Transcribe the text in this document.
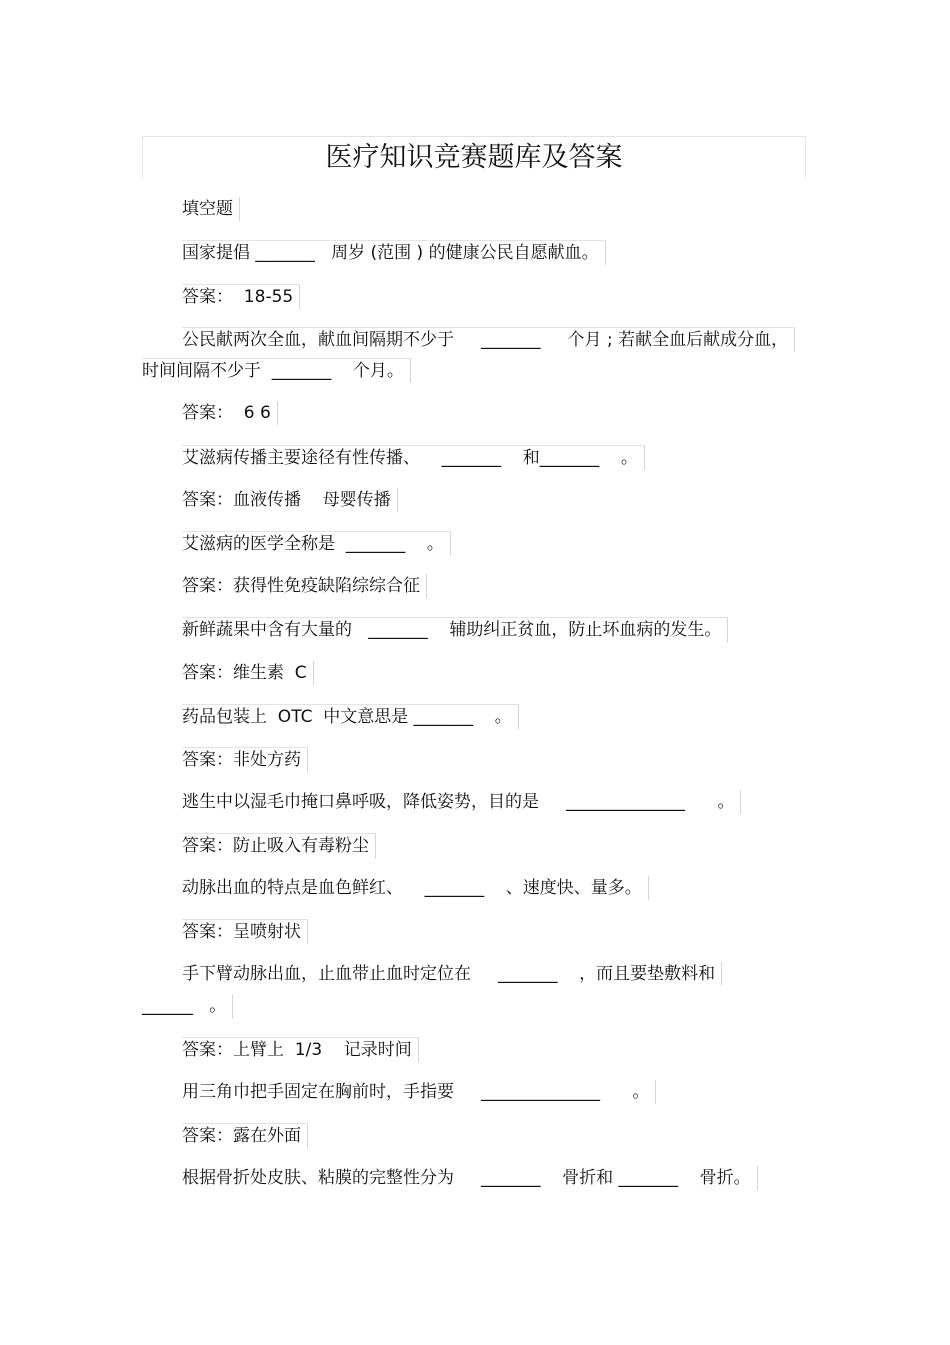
医疗知识竞赛题库及答案
填空题
国家提倡 _______   周岁 (范围 ) 的健康公民自愿献血。
答案：  18-55
公民献两次全血，献血间隔期不少于     _______     个月 ; 若献全血后献成分血，
时间间隔不少于  _______    个月。
答案：  6 6
艾滋病传播主要途径有性传播、    _______    和_______    。
答案：血液传播    母婴传播
艾滋病的医学全称是  _______    。
答案：获得性免疫缺陷综综合征
新鲜蔬果中含有大量的   _______    辅助纠正贫血，防止坏血病的发生。
答案：维生素  C
药品包装上  OTC  中文意思是 _______    。
答案：非处方药
逃生中以湿毛巾掩口鼻呼吸，降低姿势，目的是     ______________      。
答案：防止吸入有毒粉尘
动脉出血的特点是血色鲜红、    _______    、速度快、量多。
答案：呈喷射状
手下臂动脉出血，止血带止血时定位在     _______    ，而且要垫敷料和
______   。
答案：上臂上  1/3    记录时间
用三角巾把手固定在胸前时，手指要     ______________      。
答案：露在外面
根据骨折处皮肤、粘膜的完整性分为     _______    骨折和 _______    骨折。
